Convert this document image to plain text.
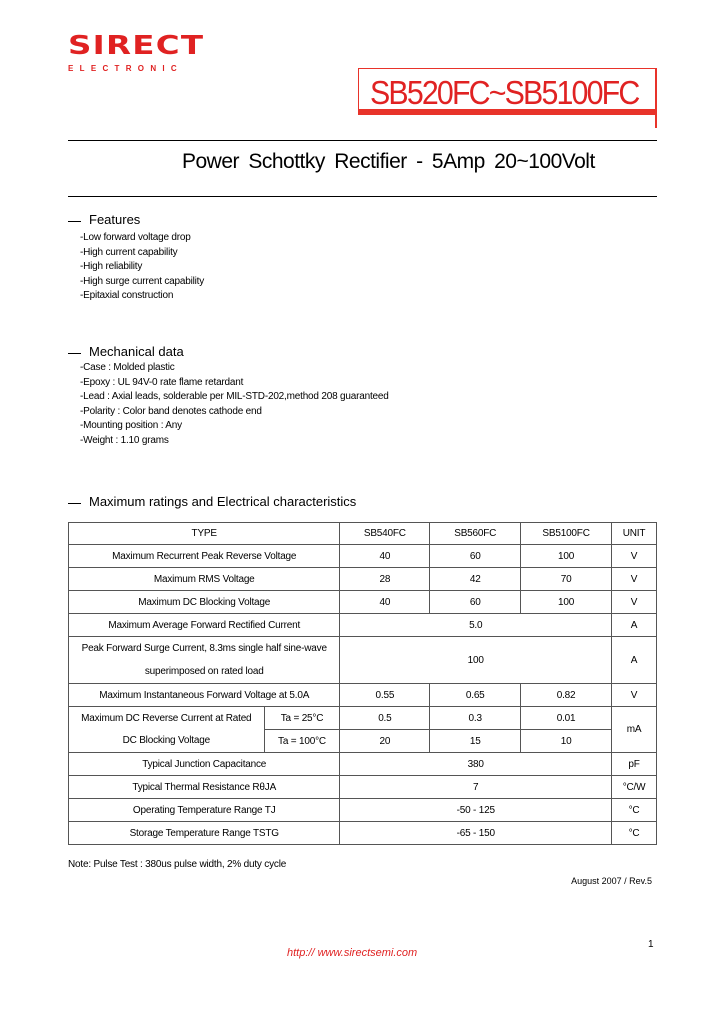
SIRECT
ELECTRONIC
SB520FC~SB5100FC
Power Schottky Rectifier - 5Amp 20~100Volt
Features
-Low forward voltage drop
-High current capability
-High reliability
-High surge current capability
-Epitaxial construction
Mechanical data
-Case : Molded plastic
-Epoxy : UL 94V-0 rate flame retardant
-Lead : Axial leads, solderable per MIL-STD-202,method 208 guaranteed
-Polarity : Color band denotes cathode end
-Mounting position : Any
-Weight : 1.10 grams
Maximum ratings and Electrical characteristics
TYPE		SB540FC	SB560FC	SB5100FC	UNIT
Maximum Recurrent Peak Reverse Voltage		40	60	100	V
Maximum RMS Voltage		28	42	70	V
Maximum DC Blocking Voltage		40	60	100	V
Maximum Average Forward Rectified Current		5.0			A
Peak Forward Surge Current, 8.3ms single half sine-wave
superimposed on rated load		100			A
Maximum Instantaneous Forward Voltage at 5.0A		0.55	0.65	0.82	V
Maximum DC Reverse Current at Rated
DC Blocking Voltage	Ta = 25°C	0.5	0.3	0.01	mA
	Ta = 100°C	20	15	10	
Typical Junction Capacitance		380			pF
Typical Thermal Resistance RθJA		7			°C/W
Operating Temperature Range TJ		-50 - 125			°C
Storage Temperature Range TSTG		-65 - 150			°C
Note: Pulse Test : 380us pulse width, 2% duty cycle
August 2007 / Rev.5
1
http:// www.sirectsemi.com
